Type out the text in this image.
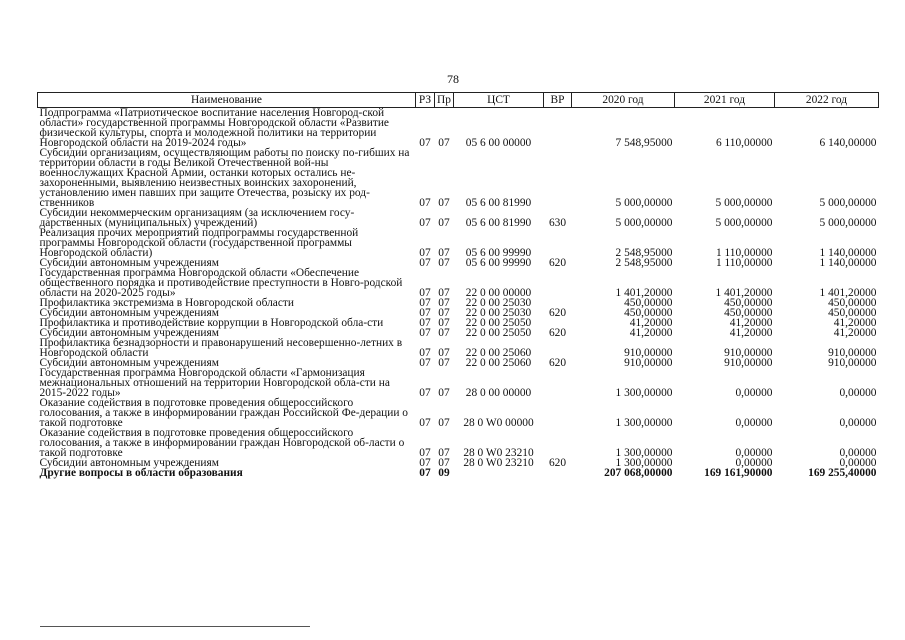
78
Наименование	РЗ	Пр	ЦСТ	ВР	2020 год	2021 год	2022 год
Подпрограмма «Патриотическое воспитание населения Новгород-ской области» государственной программы Новгородской области «Развитие физической культуры, спорта и молодежной политики на территории Новгородской области на 2019-2024 годы»	07	07	05 6 00 00000		7 548,95000	6 110,00000	6 140,00000
Субсидии организациям, осуществляющим работы по поиску по-гибших на территории области в годы Великой Отечественной вой-ны военнослужащих Красной Армии, останки которых остались не-захороненными, выявлению неизвестных воинских захоронений, установлению имен павших при защите Отечества, розыску их род-ственников	07	07	05 6 00 81990		5 000,00000	5 000,00000	5 000,00000
Субсидии некоммерческим организациям (за исключением госу-дарственных (муниципальных) учреждений)	07	07	05 6 00 81990	630	5 000,00000	5 000,00000	5 000,00000
Реализация прочих мероприятий подпрограммы государственной программы Новгородской области (государственной программы Новгородской области)	07	07	05 6 00 99990		2 548,95000	1 110,00000	1 140,00000
Субсидии автономным учреждениям	07	07	05 6 00 99990	620	2 548,95000	1 110,00000	1 140,00000
Государственная программа Новгородской области «Обеспечение общественного порядка и противодействие преступности в Новго-родской области на 2020-2025 годы»	07	07	22 0 00 00000		1 401,20000	1 401,20000	1 401,20000
Профилактика экстремизма в Новгородской области	07	07	22 0 00 25030		450,00000	450,00000	450,00000
Субсидии автономным учреждениям	07	07	22 0 00 25030	620	450,00000	450,00000	450,00000
Профилактика и противодействие коррупции в Новгородской обла-сти	07	07	22 0 00 25050		41,20000	41,20000	41,20000
Субсидии автономным учреждениям	07	07	22 0 00 25050	620	41,20000	41,20000	41,20000
Профилактика безнадзорности и правонарушений несовершенно-летних в Новгородской области	07	07	22 0 00 25060		910,00000	910,00000	910,00000
Субсидии автономным учреждениям	07	07	22 0 00 25060	620	910,00000	910,00000	910,00000
Государственная программа Новгородской области «Гармонизация межнациональных отношений на территории Новгородской обла-сти на 2015-2022 годы»	07	07	28 0 00 00000		1 300,00000	0,00000	0,00000
Оказание содействия в подготовке проведения общероссийского голосования, а также в информировании граждан Российской Фе-дерации о такой подготовке	07	07	28 0 W0 00000		1 300,00000	0,00000	0,00000
Оказание содействия в подготовке проведения общероссийского голосования, а также в информировании граждан Новгородской об-ласти о такой подготовке	07	07	28 0 W0 23210		1 300,00000	0,00000	0,00000
Субсидии автономным учреждениям	07	07	28 0 W0 23210	620	1 300,00000	0,00000	0,00000
Другие вопросы в области образования	07	09			207 068,00000	169 161,90000	169 255,40000
